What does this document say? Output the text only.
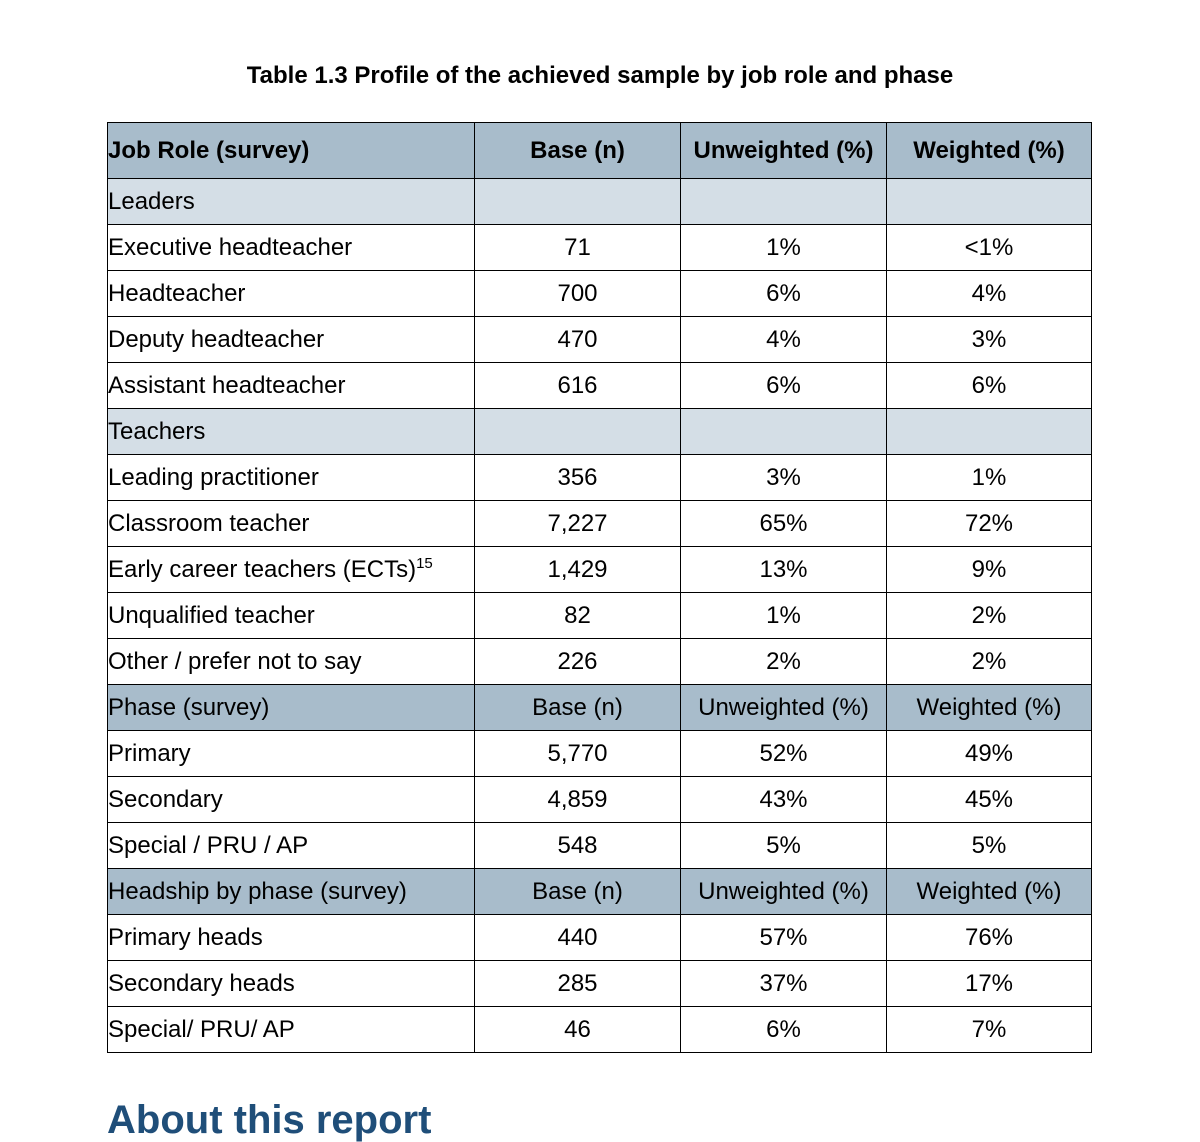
Table 1.3 Profile of the achieved sample by job role and phase
Job Role (survey)	Base (n)	Unweighted (%)	Weighted (%)
Leaders			
Executive headteacher	71	1%	<1%
Headteacher	700	6%	4%
Deputy headteacher	470	4%	3%
Assistant headteacher	616	6%	6%
Teachers			
Leading practitioner	356	3%	1%
Classroom teacher	7,227	65%	72%
Early career teachers (ECTs)$^{15}$	1,429	13%	9%
Unqualified teacher	82	1%	2%
Other / prefer not to say	226	2%	2%
Phase (survey)	Base (n)	Unweighted (%)	Weighted (%)
Primary	5,770	52%	49%
Secondary	4,859	43%	45%
Special / PRU / AP	548	5%	5%
Headship by phase (survey)	Base (n)	Unweighted (%)	Weighted (%)
Primary heads	440	57%	76%
Secondary heads	285	37%	17%
Special/ PRU/ AP	46	6%	7%
About this report
